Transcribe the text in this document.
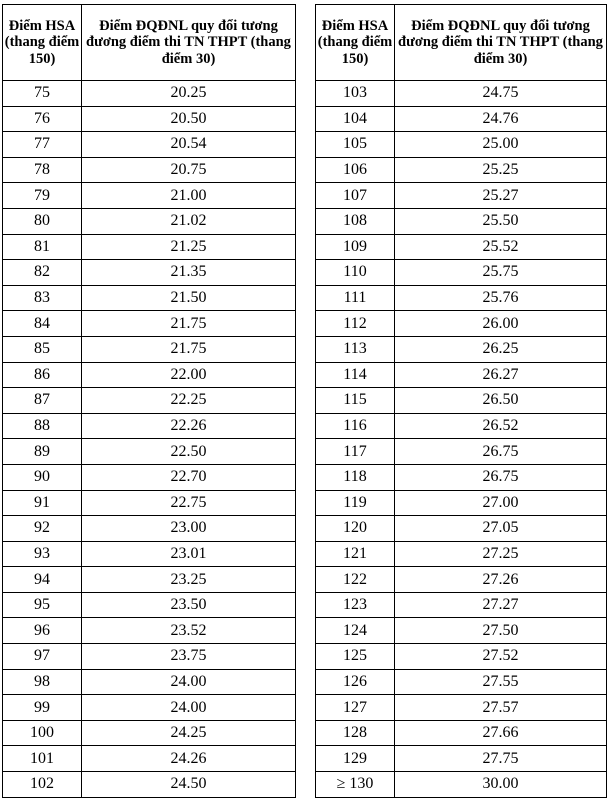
Điểm HSA (thang điểm 150)	Điểm ĐQĐNL quy đổi tương đương điểm thi TN THPT (thang điểm 30)
75	20.25
76	20.50
77	20.54
78	20.75
79	21.00
80	21.02
81	21.25
82	21.35
83	21.50
84	21.75
85	21.75
86	22.00
87	22.25
88	22.26
89	22.50
90	22.70
91	22.75
92	23.00
93	23.01
94	23.25
95	23.50
96	23.52
97	23.75
98	24.00
99	24.00
100	24.25
101	24.26
102	24.50
Điểm HSA (thang điểm 150)	Điểm ĐQĐNL quy đổi tương đương điểm thi TN THPT (thang điểm 30)
103	24.75
104	24.76
105	25.00
106	25.25
107	25.27
108	25.50
109	25.52
110	25.75
111	25.76
112	26.00
113	26.25
114	26.27
115	26.50
116	26.52
117	26.75
118	26.75
119	27.00
120	27.05
121	27.25
122	27.26
123	27.27
124	27.50
125	27.52
126	27.55
127	27.57
128	27.66
129	27.75
≥ 130	30.00
